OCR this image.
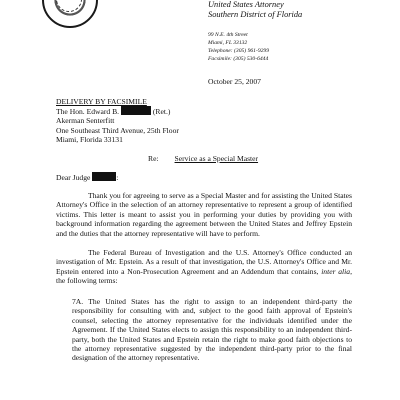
United States Attorney
Southern District of Florida
99 N.E. 4th Street
Miami, FL 33132
Telephone: (305) 961-9299
Facsimile: (305) 530-6444
October 25, 2007
DELIVERY BY FACSIMILE
The Hon. Edward B.	(Ret.)
Akerman Senterfitt
One Southeast Third Avenue, 25th Floor
Miami, Florida 33131
Re: Service as a Special Master
Dear Judge	:
Thank you for agreeing to serve as a Special Master and for assisting the United States Attorney's Office in the selection of an attorney representative to represent a group of identified victims. This letter is meant to assist you in performing your duties by providing you with background information regarding the agreement between the United States and Jeffrey Epstein and the duties that the attorney representative will have to perform.
The Federal Bureau of Investigation and the U.S. Attorney's Office conducted an investigation of Mr. Epstein. As a result of that investigation, the U.S. Attorney's Office and Mr. Epstein entered into a Non-Prosecution Agreement and an Addendum that contains, inter alia, the following terms:
7A. The United States has the right to assign to an independent third-party the responsibility for consulting with and, subject to the good faith approval of Epstein's counsel, selecting the attorney representative for the individuals identified under the Agreement. If the United States elects to assign this responsibility to an independent third-party, both the United States and Epstein retain the right to make good faith objections to the attorney representative suggested by the independent third-party prior to the final designation of the attorney representative.
